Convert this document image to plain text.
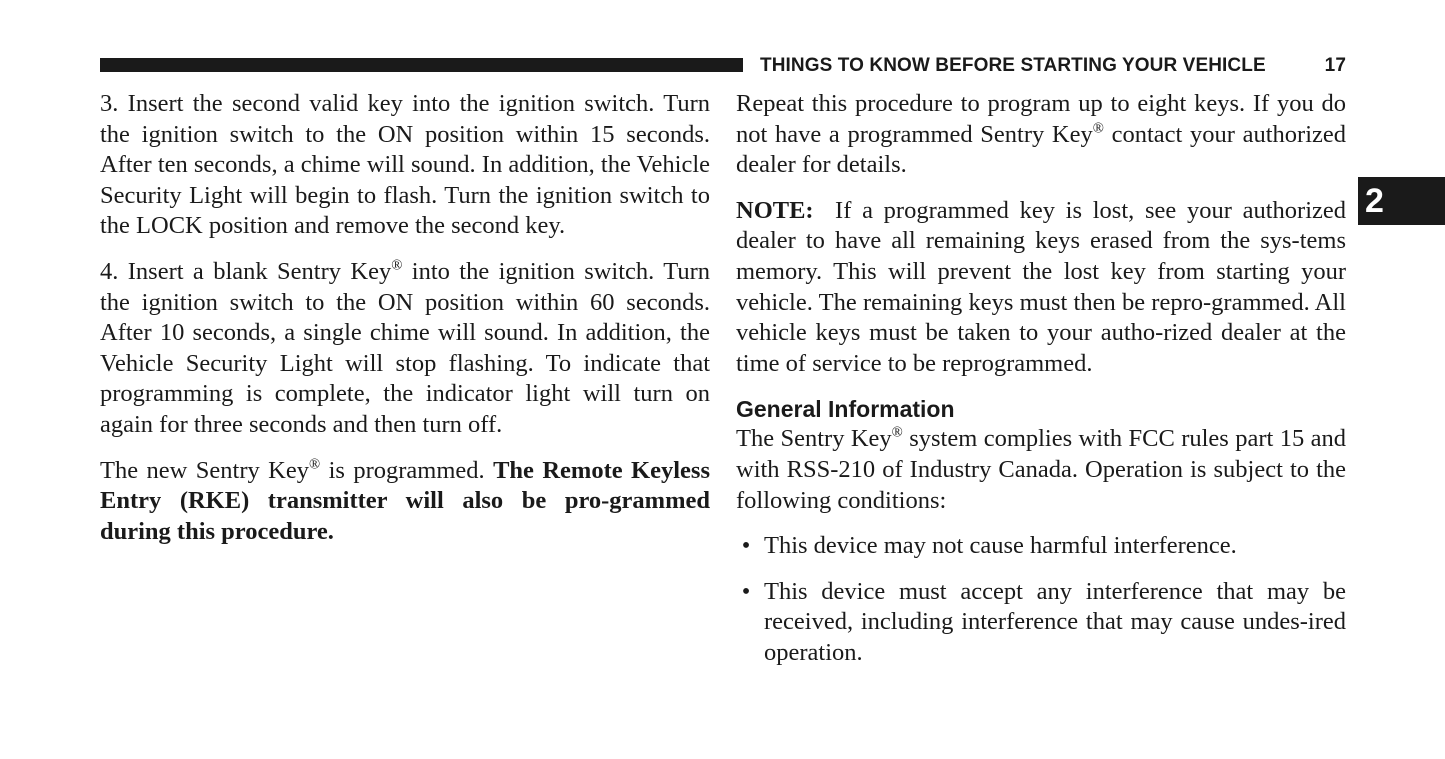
THINGS TO KNOW BEFORE STARTING YOUR VEHICLE	17
2

3. Insert the second valid key into the ignition switch. Turn the ignition switch to the ON position within 15 seconds. After ten seconds, a chime will sound. In addition, the Vehicle Security Light will begin to flash. Turn the ignition switch to the LOCK position and remove the second key.

4. Insert a blank Sentry Key® into the ignition switch. Turn the ignition switch to the ON position within 60 seconds. After 10 seconds, a single chime will sound. In addition, the Vehicle Security Light will stop flashing. To indicate that programming is complete, the indicator light will turn on again for three seconds and then turn off.

The new Sentry Key® is programmed. The Remote Keyless Entry (RKE) transmitter will also be pro-grammed during this procedure.

Repeat this procedure to program up to eight keys. If you do not have a programmed Sentry Key® contact your authorized dealer for details.

NOTE: If a programmed key is lost, see your authorized dealer to have all remaining keys erased from the sys-tems memory. This will prevent the lost key from starting your vehicle. The remaining keys must then be repro-grammed. All vehicle keys must be taken to your autho-rized dealer at the time of service to be reprogrammed.

General Information

The Sentry Key® system complies with FCC rules part 15 and with RSS-210 of Industry Canada. Operation is subject to the following conditions:

• This device may not cause harmful interference.
• This device must accept any interference that may be received, including interference that may cause undes-ired operation.
